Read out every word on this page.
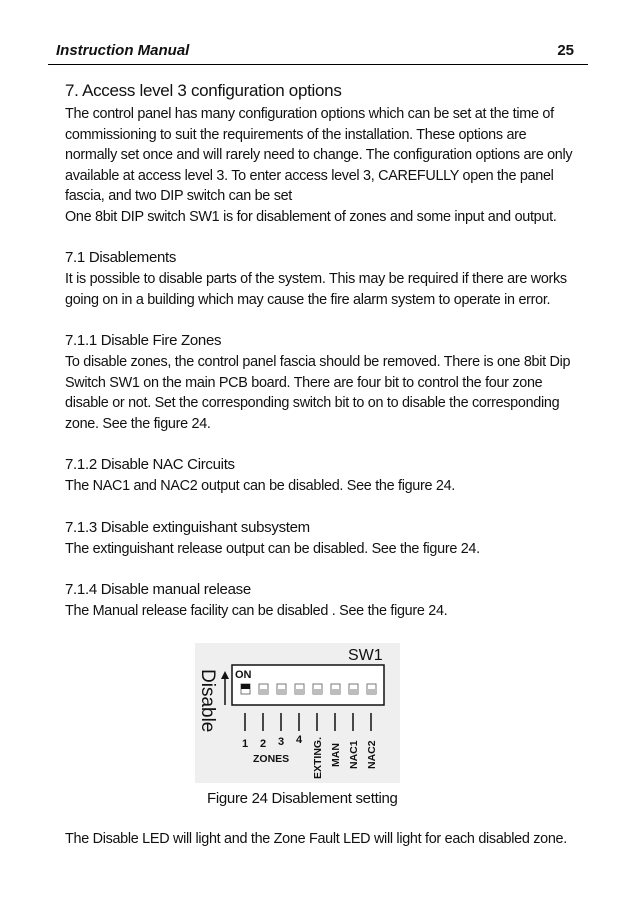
Instruction Manual	25
7. Access level 3 configuration options
The control panel has many configuration options which can be set at the time of
commissioning to suit the requirements of the installation. These options are
normally set once and will rarely need to change. The configuration options are only
available at access level 3. To enter access level 3, CAREFULLY open the panel
fascia, and two DIP switch can be set
One 8bit DIP switch SW1 is for disablement of zones and some input and output.
7.1 Disablements
It is possible to disable parts of the system. This may be required if there are works
going on in a building which may cause the fire alarm system to operate in error.
7.1.1 Disable Fire Zones
To disable zones, the control panel fascia should be removed. There is one 8bit Dip
Switch SW1 on the main PCB board. There are four bit to control the four zone
disable or not. Set the corresponding switch bit to on to disable the corresponding
zone. See the figure 24.
7.1.2 Disable NAC Circuits
The NAC1 and NAC2 output can be disabled. See the figure 24.
7.1.3 Disable extinguishant subsystem
The extinguishant release output can be disabled. See the figure 24.
7.1.4 Disable manual release
The Manual release facility can be disabled . See the figure 24.
SW1
ON
Disable
1 2 3 4
ZONES EXTING. MAN NAC1 NAC2
Figure 24 Disablement setting
The Disable LED will light and the Zone Fault LED will light for each disabled zone.
